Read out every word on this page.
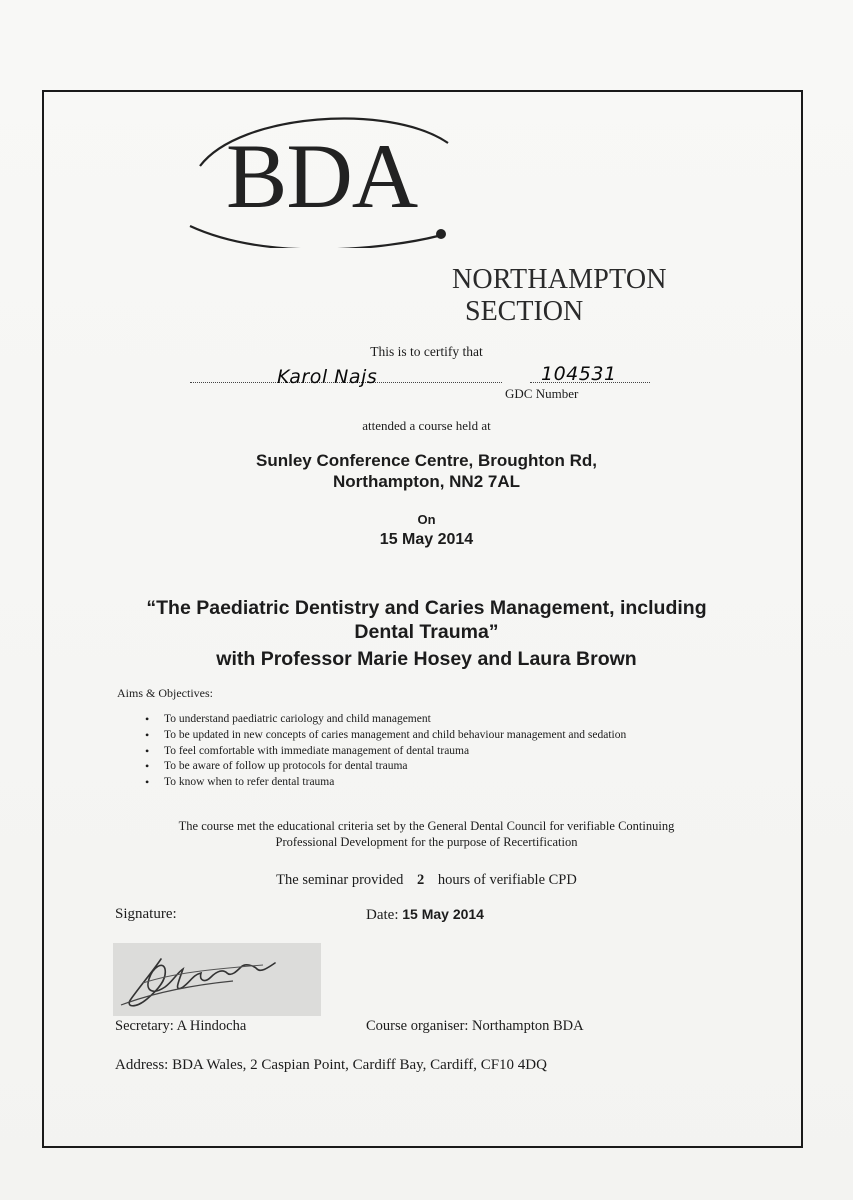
BDA
NORTHAMPTON
SECTION
This is to certify that
Karol Najs
GDC Number
104531
attended a course held at
Sunley Conference Centre, Broughton Rd,
Northampton, NN2 7AL
On
15 May 2014
“The Paediatric Dentistry and Caries Management, including
Dental Trauma”
with Professor Marie Hosey and Laura Brown
Aims & Objectives:
• To understand paediatric cariology and child management
• To be updated in new concepts of caries management and child behaviour management and sedation
• To feel comfortable with immediate management of dental trauma
• To be aware of follow up protocols for dental trauma
• To know when to refer dental trauma
The course met the educational criteria set by the General Dental Council for verifiable Continuing
Professional Development for the purpose of Recertification
The seminar provided 2 hours of verifiable CPD
Signature:	Date: 15 May 2014
Secretary: A Hindocha	Course organiser: Northampton BDA
Address: BDA Wales, 2 Caspian Point, Cardiff Bay, Cardiff, CF10 4DQ
